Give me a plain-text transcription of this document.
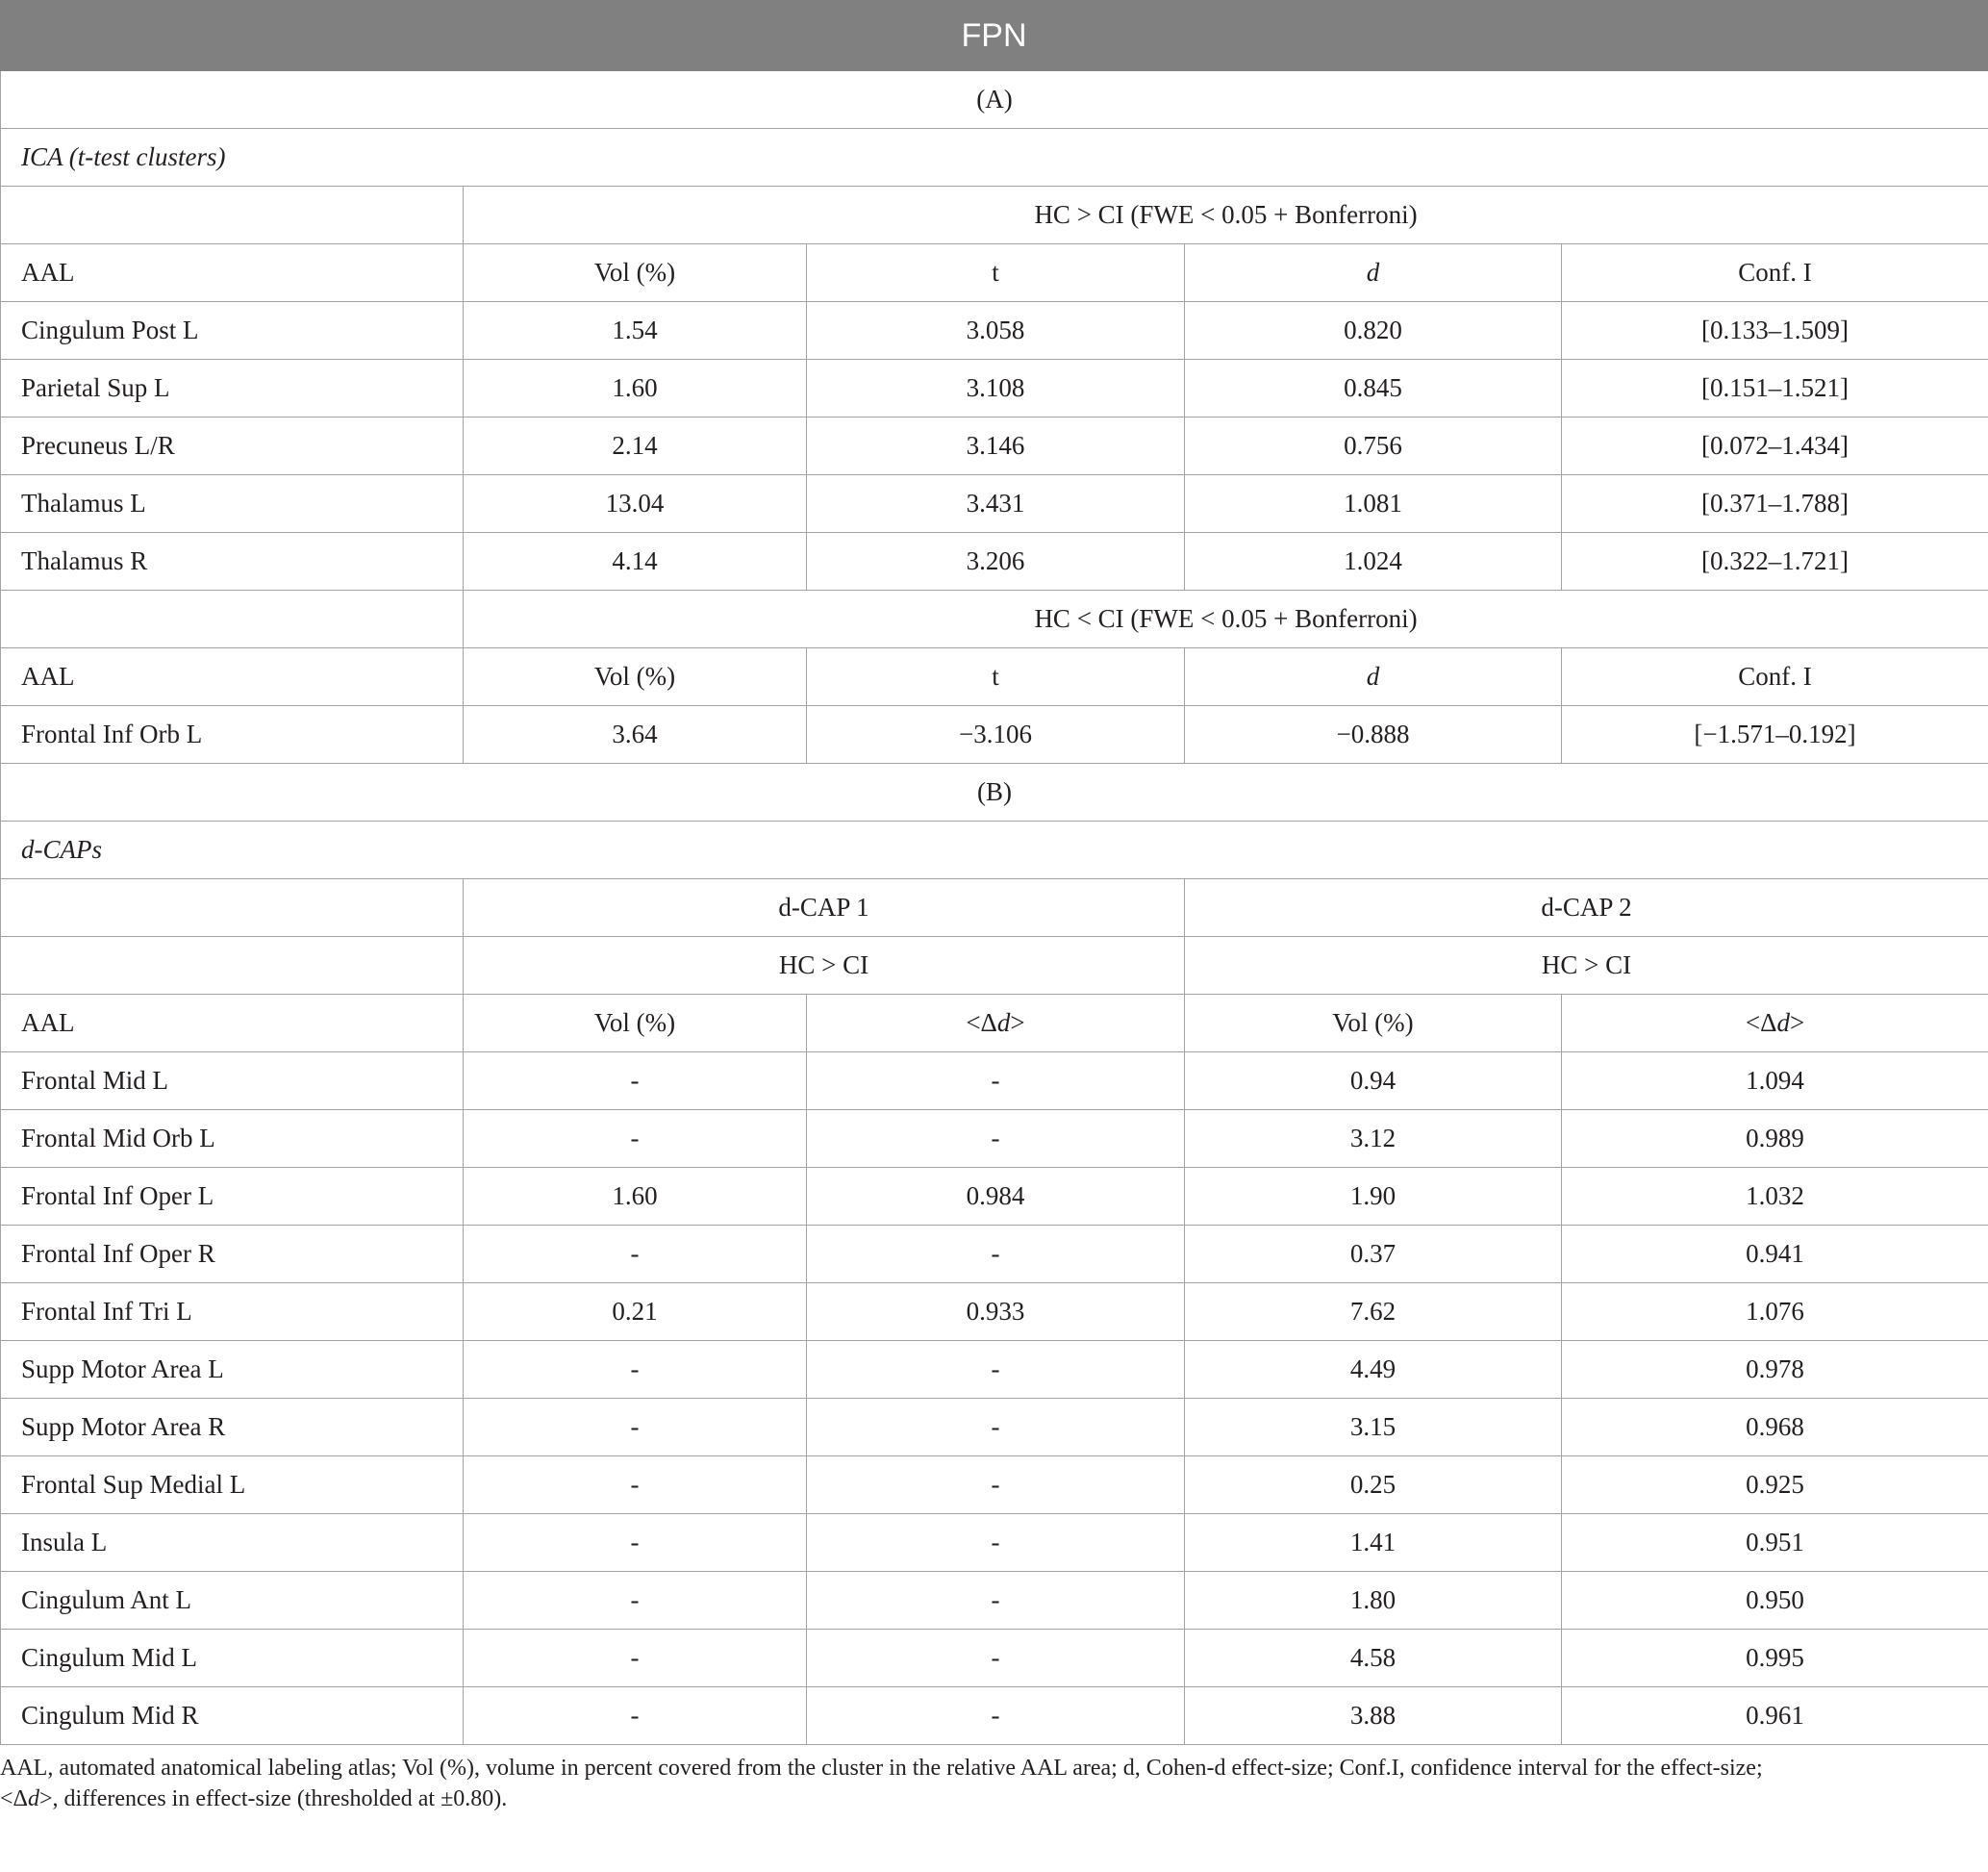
FPN
(A)				
ICA (t-test clusters)				
	HC > CI (FWE < 0.05 + Bonferroni)			
AAL	Vol (%)	t	d	Conf. I
Cingulum Post L	1.54	3.058	0.820	[0.133–1.509]
Parietal Sup L	1.60	3.108	0.845	[0.151–1.521]
Precuneus L/R	2.14	3.146	0.756	[0.072–1.434]
Thalamus L	13.04	3.431	1.081	[0.371–1.788]
Thalamus R	4.14	3.206	1.024	[0.322–1.721]
	HC < CI (FWE < 0.05 + Bonferroni)			
AAL	Vol (%)	t	d	Conf. I
Frontal Inf Orb L	3.64	−3.106	−0.888	[−1.571–0.192]
(B)				
d-CAPs				
	d-CAP 1		d-CAP 2	
	HC > CI		HC > CI	
AAL	Vol (%)	<Δd>	Vol (%)	<Δd>
Frontal Mid L	-	-	0.94	1.094
Frontal Mid Orb L	-	-	3.12	0.989
Frontal Inf Oper L	1.60	0.984	1.90	1.032
Frontal Inf Oper R	-	-	0.37	0.941
Frontal Inf Tri L	0.21	0.933	7.62	1.076
Supp Motor Area L	-	-	4.49	0.978
Supp Motor Area R	-	-	3.15	0.968
Frontal Sup Medial L	-	-	0.25	0.925
Insula L	-	-	1.41	0.951
Cingulum Ant L	-	-	1.80	0.950
Cingulum Mid L	-	-	4.58	0.995
Cingulum Mid R	-	-	3.88	0.961
AAL, automated anatomical labeling atlas; Vol (%), volume in percent covered from the cluster in the relative AAL area; d, Cohen-d effect-size; Conf.I, confidence interval for the effect-size;
<Δd>, differences in effect-size (thresholded at ±0.80).
